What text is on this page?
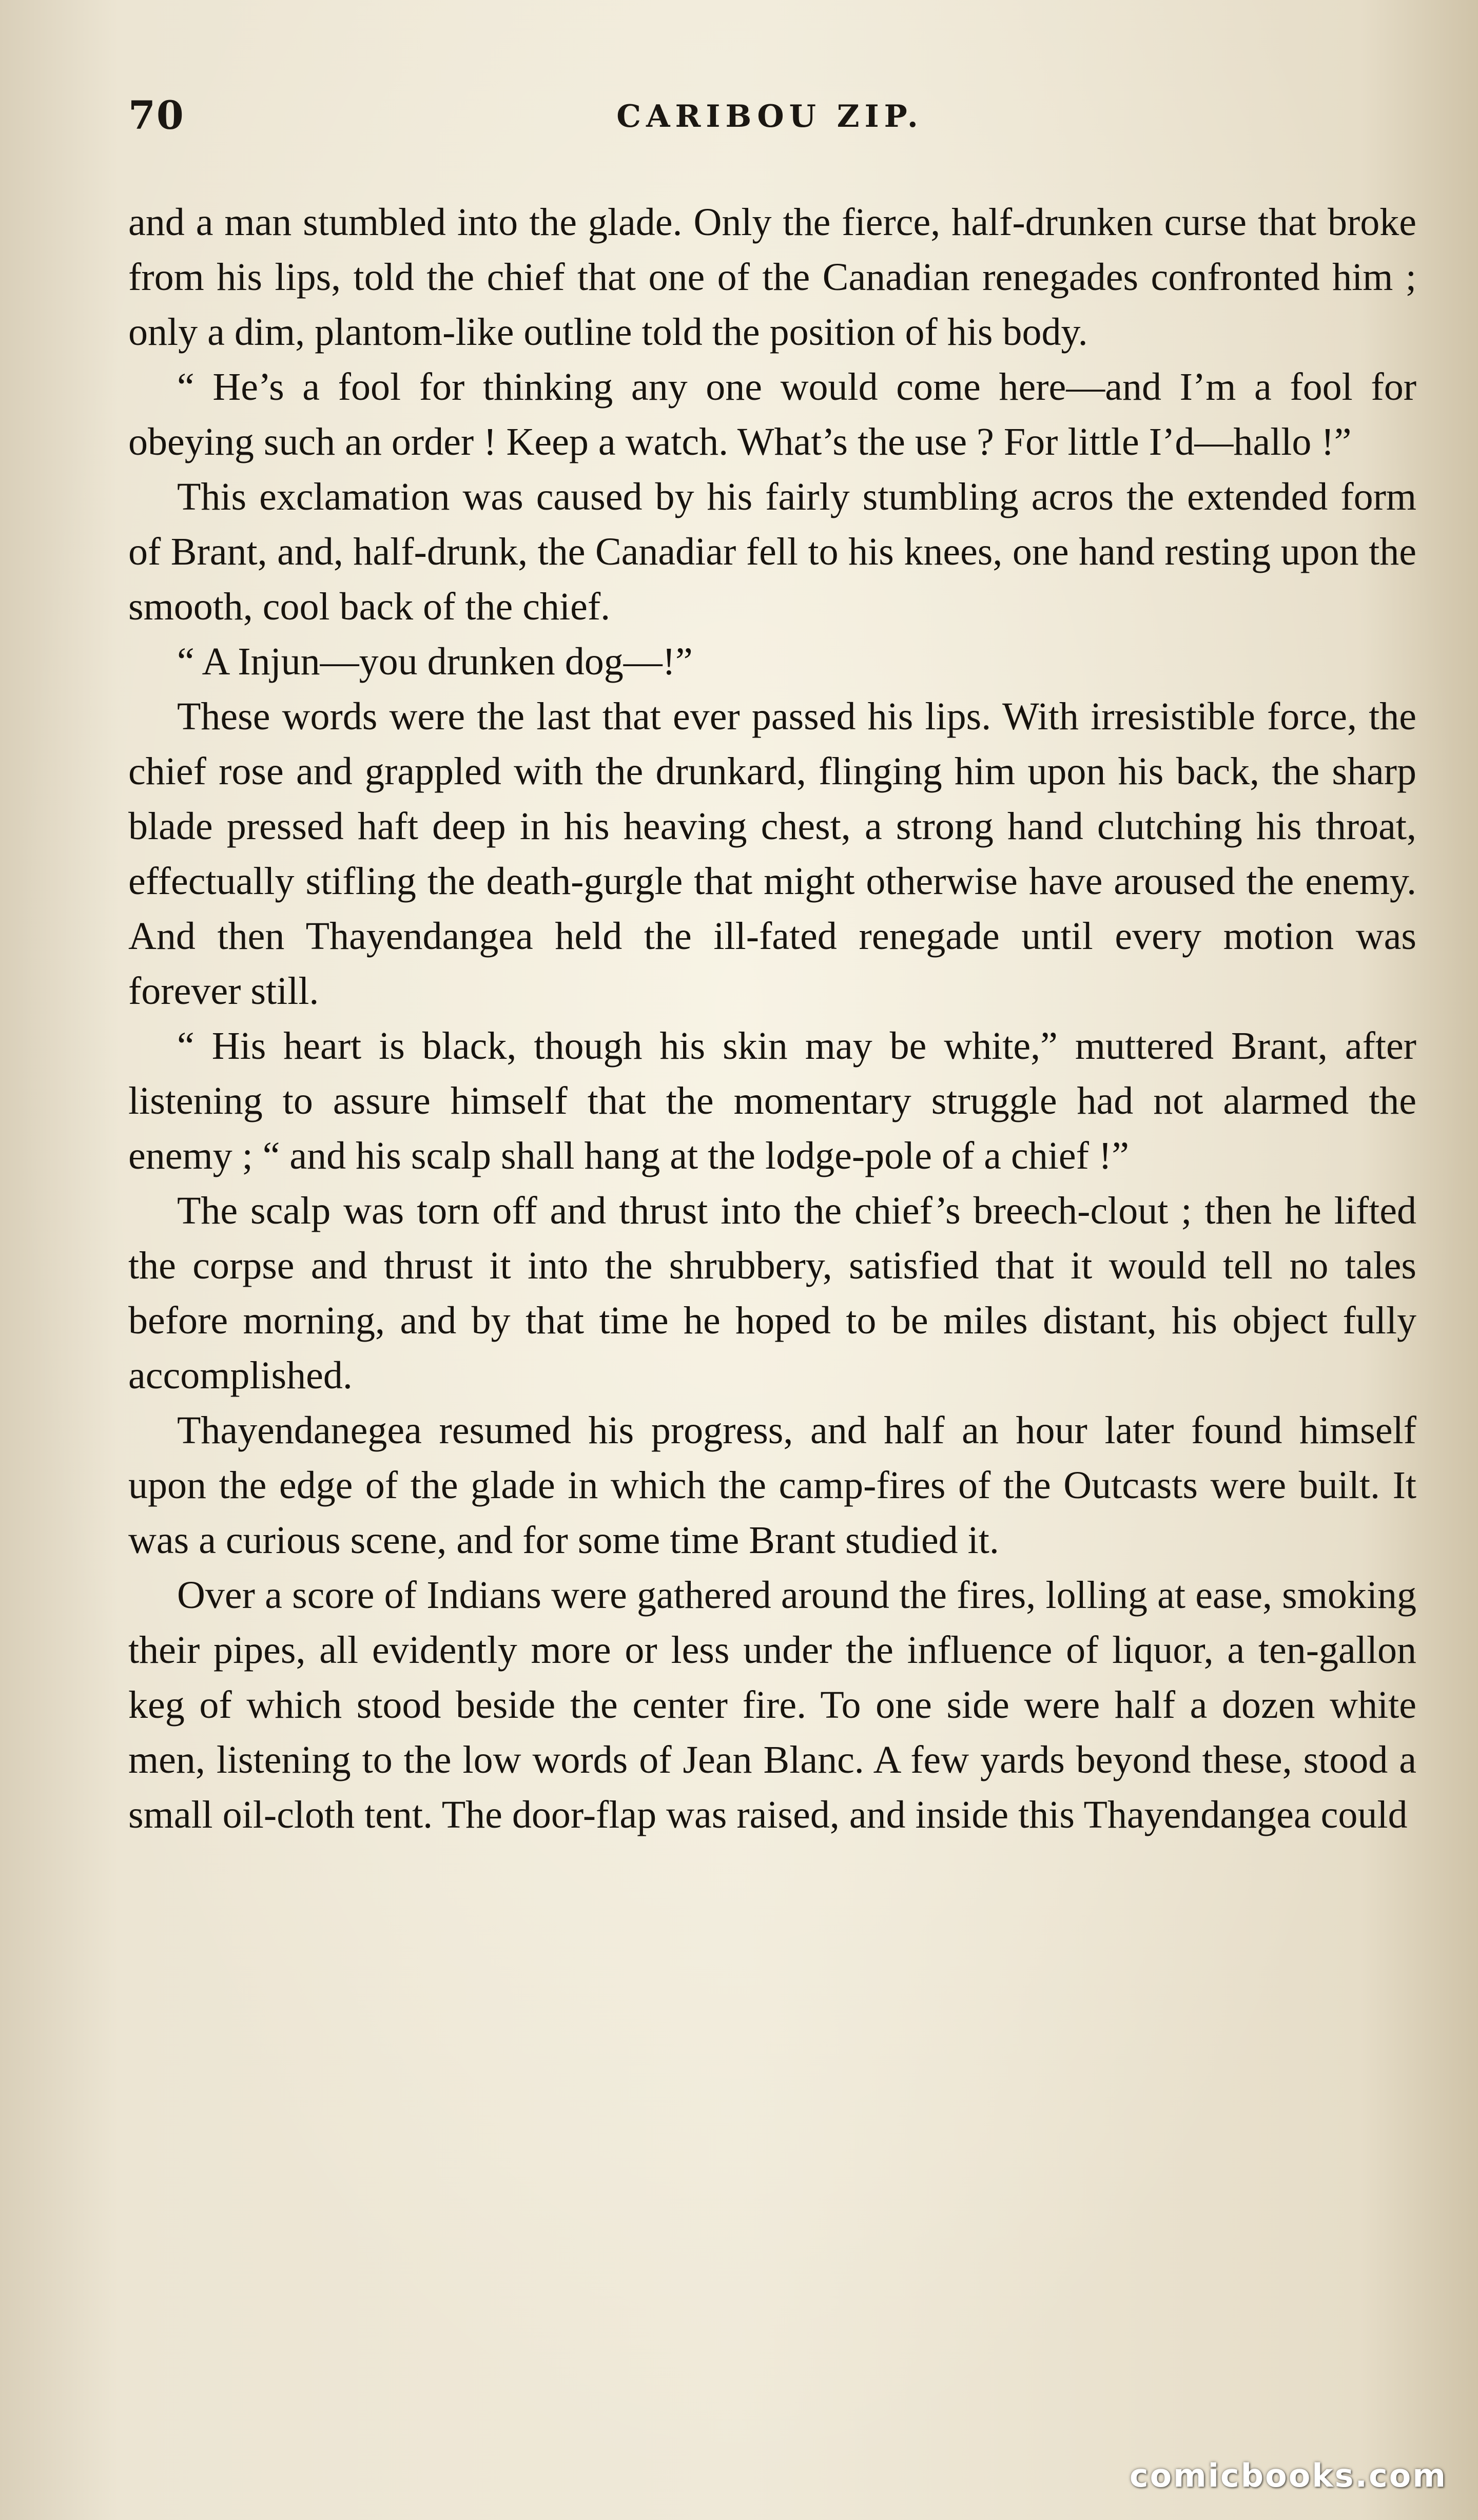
70	CARIBOU ZIP.

and a man stumbled into the glade. Only the fierce, half-drunken curse that broke from his lips, told the chief that one of the Canadian renegades confronted him ; only a dim, plantom-like outline told the position of his body.

“ He’s a fool for thinking any one would come here—and I’m a fool for obeying such an order ! Keep a watch. What’s the use ? For little I’d—hallo !”

This exclamation was caused by his fairly stumbling acros the extended form of Brant, and, half-drunk, the Canadiar fell to his knees, one hand resting upon the smooth, cool back of the chief.

“ A Injun—you drunken dog—!”

These words were the last that ever passed his lips. With irresistible force, the chief rose and grappled with the drunkard, flinging him upon his back, the sharp blade pressed haft deep in his heaving chest, a strong hand clutching his throat, effectually stifling the death-gurgle that might otherwise have aroused the enemy. And then Thayendangea held the ill-fated renegade until every motion was forever still.

“ His heart is black, though his skin may be white,” muttered Brant, after listening to assure himself that the momentary struggle had not alarmed the enemy ; “ and his scalp shall hang at the lodge-pole of a chief !”

The scalp was torn off and thrust into the chief’s breech-clout ; then he lifted the corpse and thrust it into the shrubbery, satisfied that it would tell no tales before morning, and by that time he hoped to be miles distant, his object fully accomplished.

Thayendanegea resumed his progress, and half an hour later found himself upon the edge of the glade in which the camp-fires of the Outcasts were built. It was a curious scene, and for some time Brant studied it.

Over a score of Indians were gathered around the fires, lolling at ease, smoking their pipes, all evidently more or less under the influence of liquor, a ten-gallon keg of which stood beside the center fire. To one side were half a dozen white men, listening to the low words of Jean Blanc. A few yards beyond these, stood a small oil-cloth tent. The door-flap was raised, and inside this Thayendangea could

comicbooks.com
